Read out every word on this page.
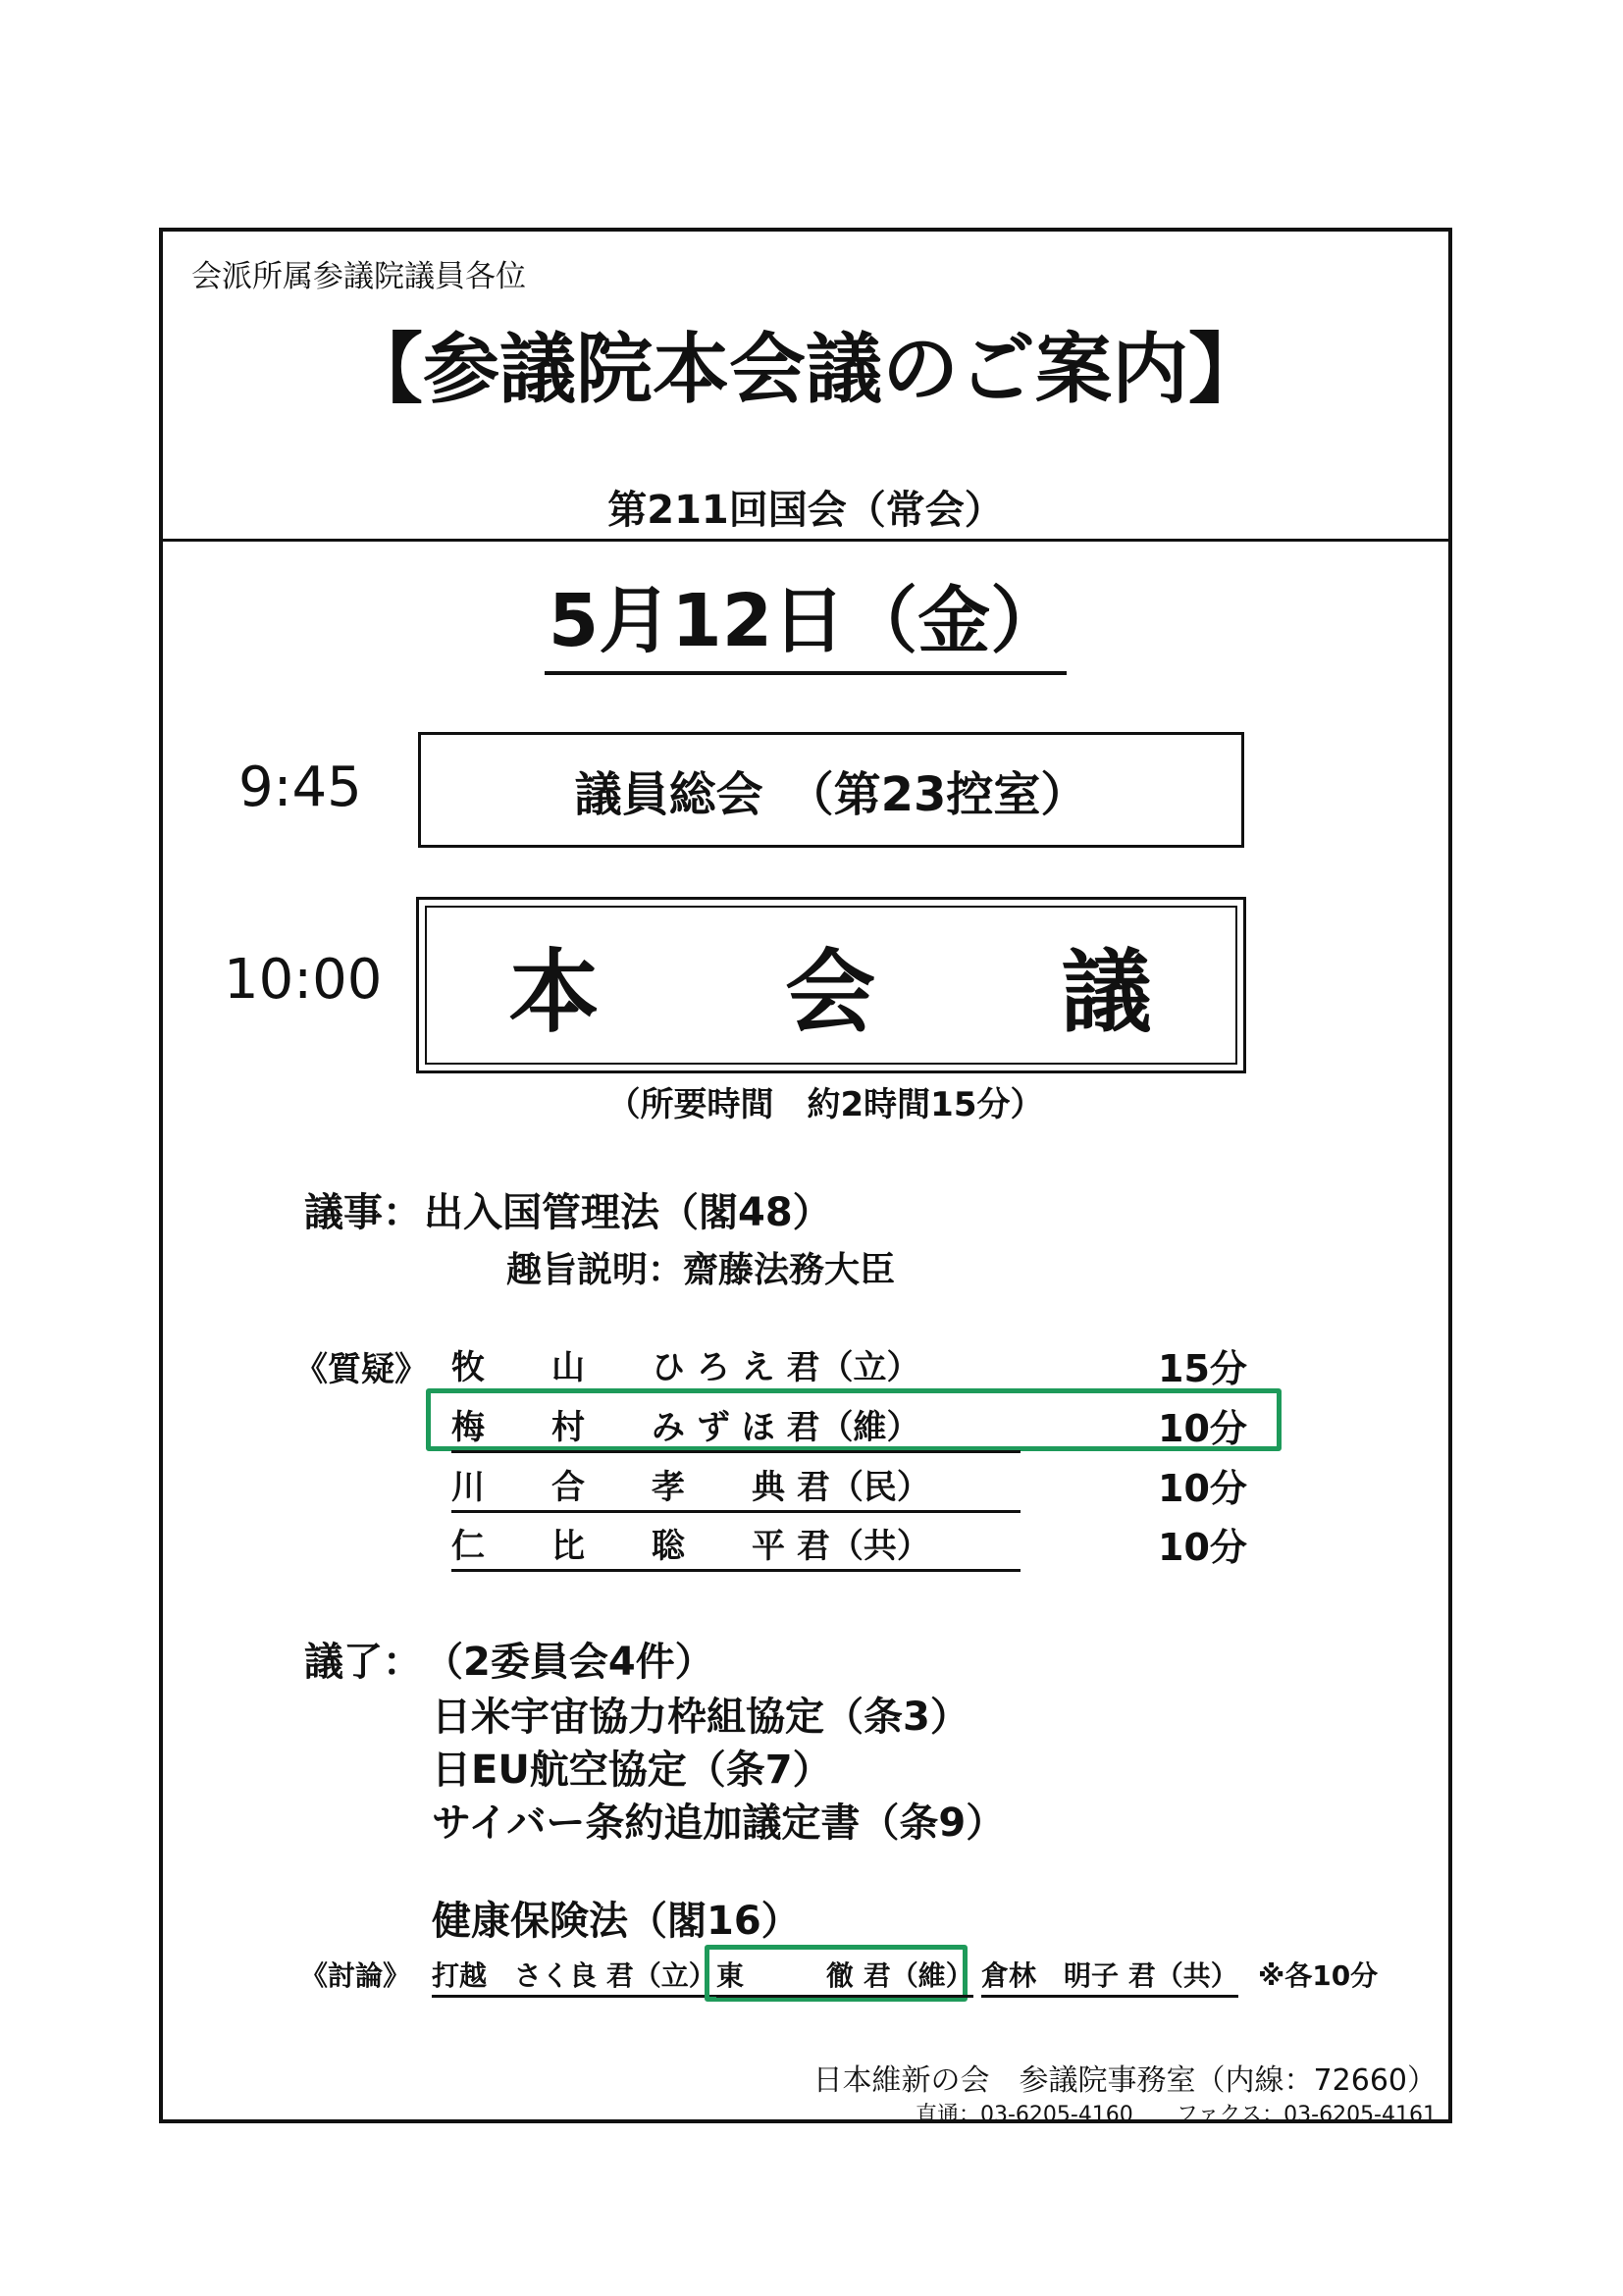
会派所属参議院議員各位
【参議院本会議のご案内】
第211回国会（常会）
5月12日（金）
9:45	議員総会　（第23控室）
10:00	本　　会　　議
（所要時間　約2時間15分）
議事： 出入国管理法（閣48）
趣旨説明：齋藤法務大臣
《質疑》 牧　　山　　ひ ろ え 君（立）	15分
梅　　村　　み ず ほ 君（維）	10分
川　　合　　孝　　典 君（民）	10分
仁　　比　　聡　　平 君（共）	10分
議了： （2委員会4件）
日米宇宙協力枠組協定（条3）
日EU航空協定（条7）
サイバー条約追加議定書（条9）
健康保険法（閣16）
《討論》 打越　さく良 君（立） 東　　　徹 君（維） 倉林　明子 君（共） ※各10分
日本維新の会　参議院事務室（内線：72660）
直通：03-6205-4160　　ファクス：03-6205-4161
